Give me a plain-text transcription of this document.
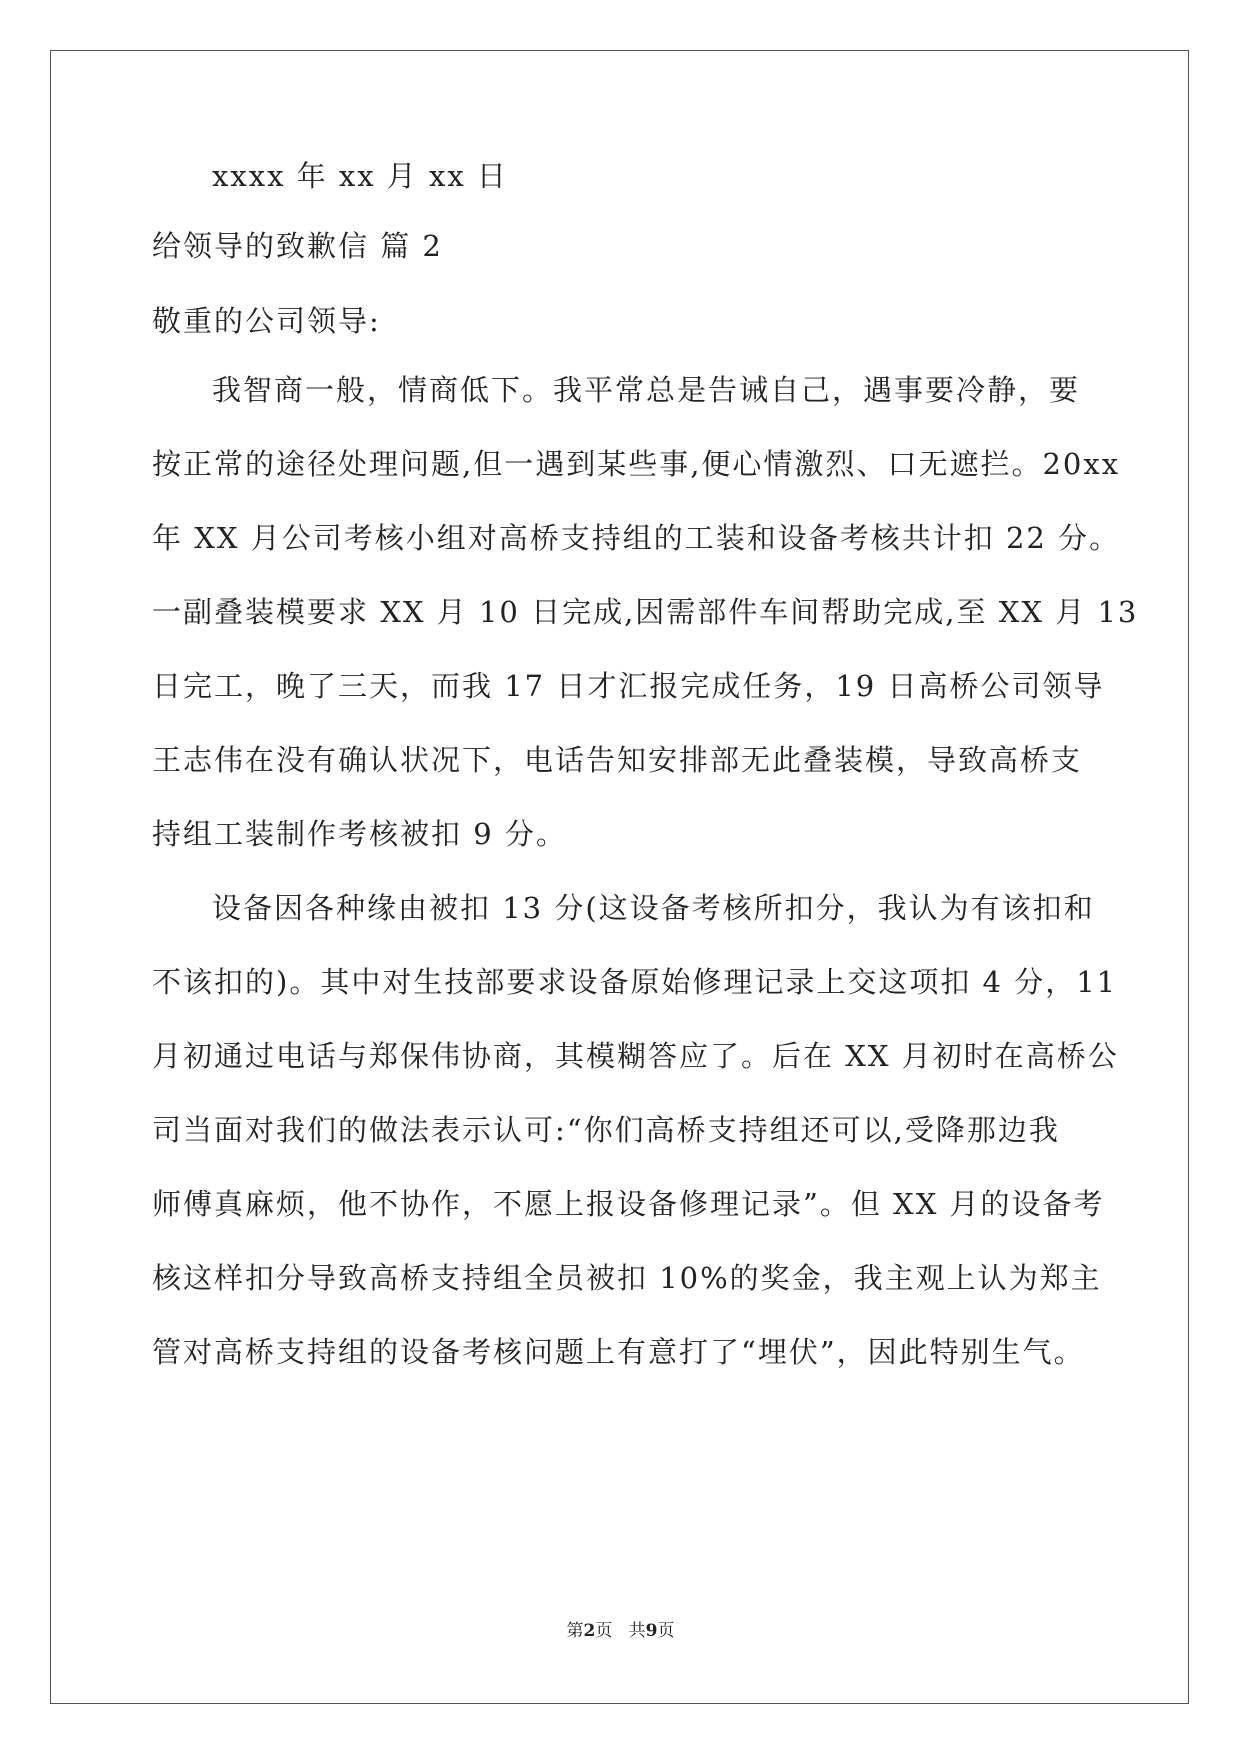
xxxx 年 xx 月 xx 日
给领导的致歉信 篇 2
敬重的公司领导:
我智商一般，情商低下。我平常总是告诫自己，遇事要冷静，要
按正常的途径处理问题,但一遇到某些事,便心情激烈、口无遮拦。20xx
年 XX 月公司考核小组对高桥支持组的工装和设备考核共计扣 22 分。
一副叠装模要求 XX 月 10 日完成,因需部件车间帮助完成,至 XX 月 13
日完工，晚了三天，而我 17 日才汇报完成任务，19 日高桥公司领导
王志伟在没有确认状况下，电话告知安排部无此叠装模，导致高桥支
持组工装制作考核被扣 9 分。
设备因各种缘由被扣 13 分(这设备考核所扣分，我认为有该扣和
不该扣的)。其中对生技部要求设备原始修理记录上交这项扣 4 分，11
月初通过电话与郑保伟协商，其模糊答应了。后在 XX 月初时在高桥公
司当面对我们的做法表示认可:“你们高桥支持组还可以,受降那边我
师傅真麻烦，他不协作，不愿上报设备修理记录”。但 XX 月的设备考
核这样扣分导致高桥支持组全员被扣 10%的奖金，我主观上认为郑主
管对高桥支持组的设备考核问题上有意打了“埋伏”，因此特别生气。
第2页   共9页
